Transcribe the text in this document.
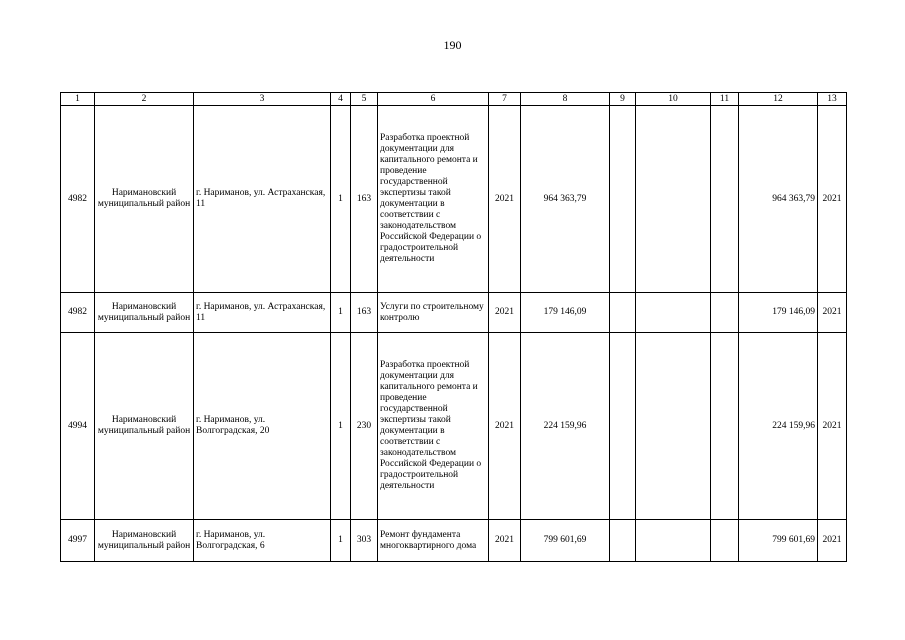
190
1	2	3	4	5	6	7	8	9	10	11	12	13
4982	Наримановский муниципальный район	г. Нариманов, ул. Астраханская, 11	1	163	Разработка проектной документации для капитального ремонта и проведение государственной экспертизы такой документации в соответствии с законодательством Российской Федерации о градостроительной деятельности	2021	964 363,79				964 363,79	2021
4982	Наримановский муниципальный район	г. Нариманов, ул. Астраханская, 11	1	163	Услуги по строительному контролю	2021	179 146,09				179 146,09	2021
4994	Наримановский муниципальный район	г. Нариманов, ул. Волгоградская, 20	1	230	Разработка проектной документации для капитального ремонта и проведение государственной экспертизы такой документации в соответствии с законодательством Российской Федерации о градостроительной деятельности	2021	224 159,96				224 159,96	2021
4997	Наримановский муниципальный район	г. Нариманов, ул. Волгоградская, 6	1	303	Ремонт фундамента многоквартирного дома	2021	799 601,69				799 601,69	2021
